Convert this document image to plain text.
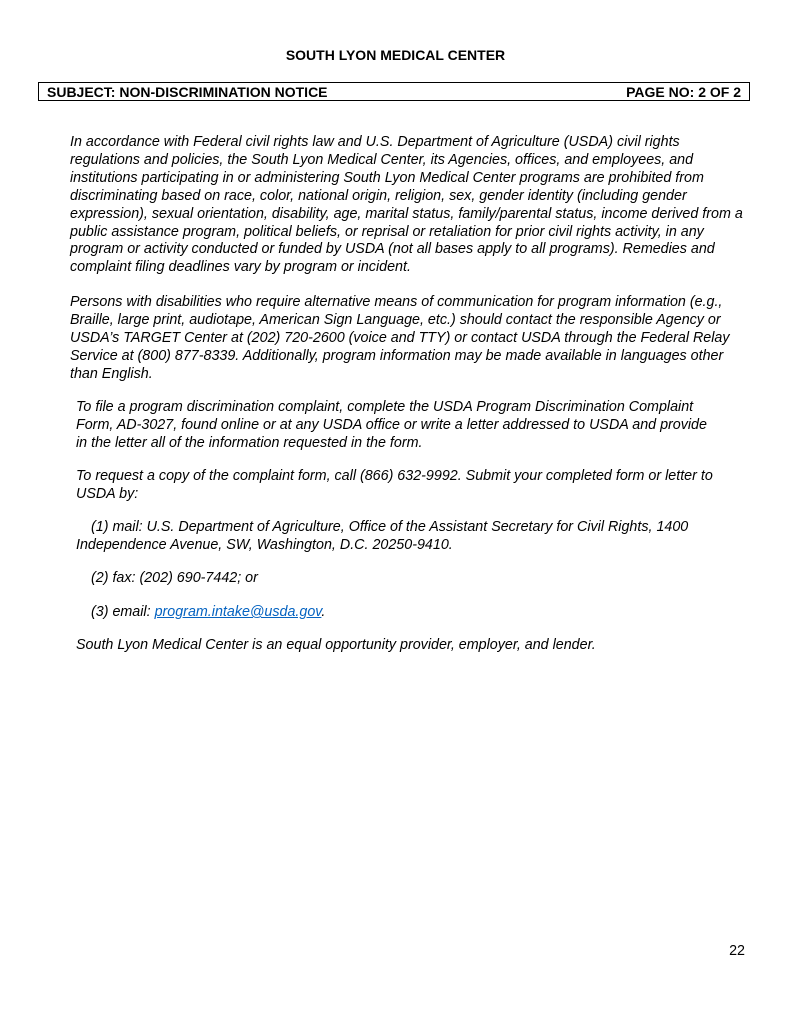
SOUTH LYON MEDICAL CENTER
SUBJECT: NON-DISCRIMINATION NOTICE	PAGE NO: 2 OF 2

In accordance with Federal civil rights law and U.S. Department of Agriculture (USDA) civil rights regulations and policies, the South Lyon Medical Center, its Agencies, offices, and employees, and institutions participating in or administering South Lyon Medical Center programs are prohibited from discriminating based on race, color, national origin, religion, sex, gender identity (including gender expression), sexual orientation, disability, age, marital status, family/parental status, income derived from a public assistance program, political beliefs, or reprisal or retaliation for prior civil rights activity, in any program or activity conducted or funded by USDA (not all bases apply to all programs). Remedies and complaint filing deadlines vary by program or incident.

Persons with disabilities who require alternative means of communication for program information (e.g., Braille, large print, audiotape, American Sign Language, etc.) should contact the responsible Agency or USDA’s TARGET Center at (202) 720-2600 (voice and TTY) or contact USDA through the Federal Relay Service at (800) 877-8339. Additionally, program information may be made available in languages other than English.

To file a program discrimination complaint, complete the USDA Program Discrimination Complaint Form, AD-3027, found online or at any USDA office or write a letter addressed to USDA and provide in the letter all of the information requested in the form.

To request a copy of the complaint form, call (866) 632-9992. Submit your completed form or letter to USDA by:

(1) mail: U.S. Department of Agriculture, Office of the Assistant Secretary for Civil Rights, 1400 Independence Avenue, SW, Washington, D.C. 20250-9410.

(2) fax: (202) 690-7442; or

(3) email: program.intake@usda.gov.

South Lyon Medical Center is an equal opportunity provider, employer, and lender.

22
